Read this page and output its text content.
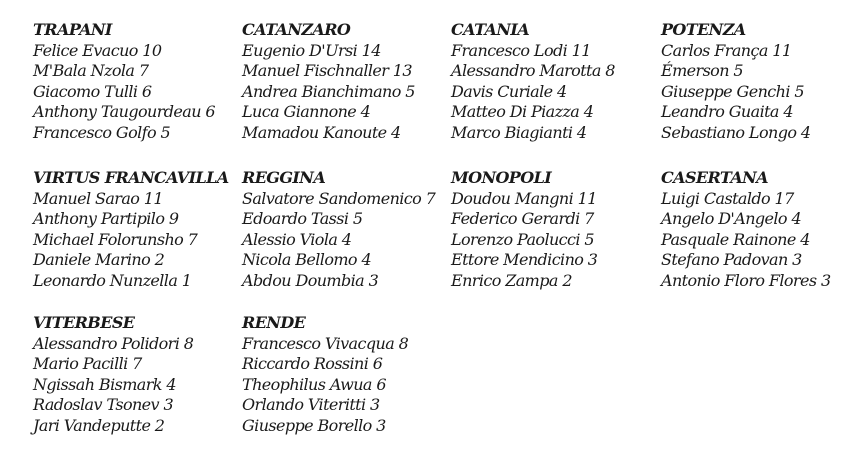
TRAPANI

Felice Evacuo 10

M'Bala Nzola 7

Giacomo Tulli 6

Anthony Taugourdeau 6

Francesco Golfo 5

CATANZARO

Eugenio D'Ursi 14

Manuel Fischnaller 13

Andrea Bianchimano 5

Luca Giannone 4

Mamadou Kanoute 4

CATANIA

Francesco Lodi 11

Alessandro Marotta 8

Davis Curiale 4

Matteo Di Piazza 4

Marco Biagianti 4

POTENZA

Carlos França 11

Émerson 5

Giuseppe Genchi 5

Leandro Guaita 4

Sebastiano Longo 4

VIRTUS FRANCAVILLA

Manuel Sarao 11

Anthony Partipilo 9

Michael Folorunsho 7

Daniele Marino 2

Leonardo Nunzella 1

REGGINA

Salvatore Sandomenico 7

Edoardo Tassi 5

Alessio Viola 4

Nicola Bellomo 4

Abdou Doumbia 3

MONOPOLI

Doudou Mangni 11

Federico Gerardi 7

Lorenzo Paolucci 5

Ettore Mendicino 3

Enrico Zampa 2

CASERTANA

Luigi Castaldo 17

Angelo D'Angelo 4

Pasquale Rainone 4

Stefano Padovan 3

Antonio Floro Flores 3

VITERBESE

Alessandro Polidori 8

Mario Pacilli 7

Ngissah Bismark 4

Radoslav Tsonev 3

Jari Vandeputte 2

RENDE

Francesco Vivacqua 8

Riccardo Rossini 6

Theophilus Awua 6

Orlando Viteritti 3

Giuseppe Borello 3
